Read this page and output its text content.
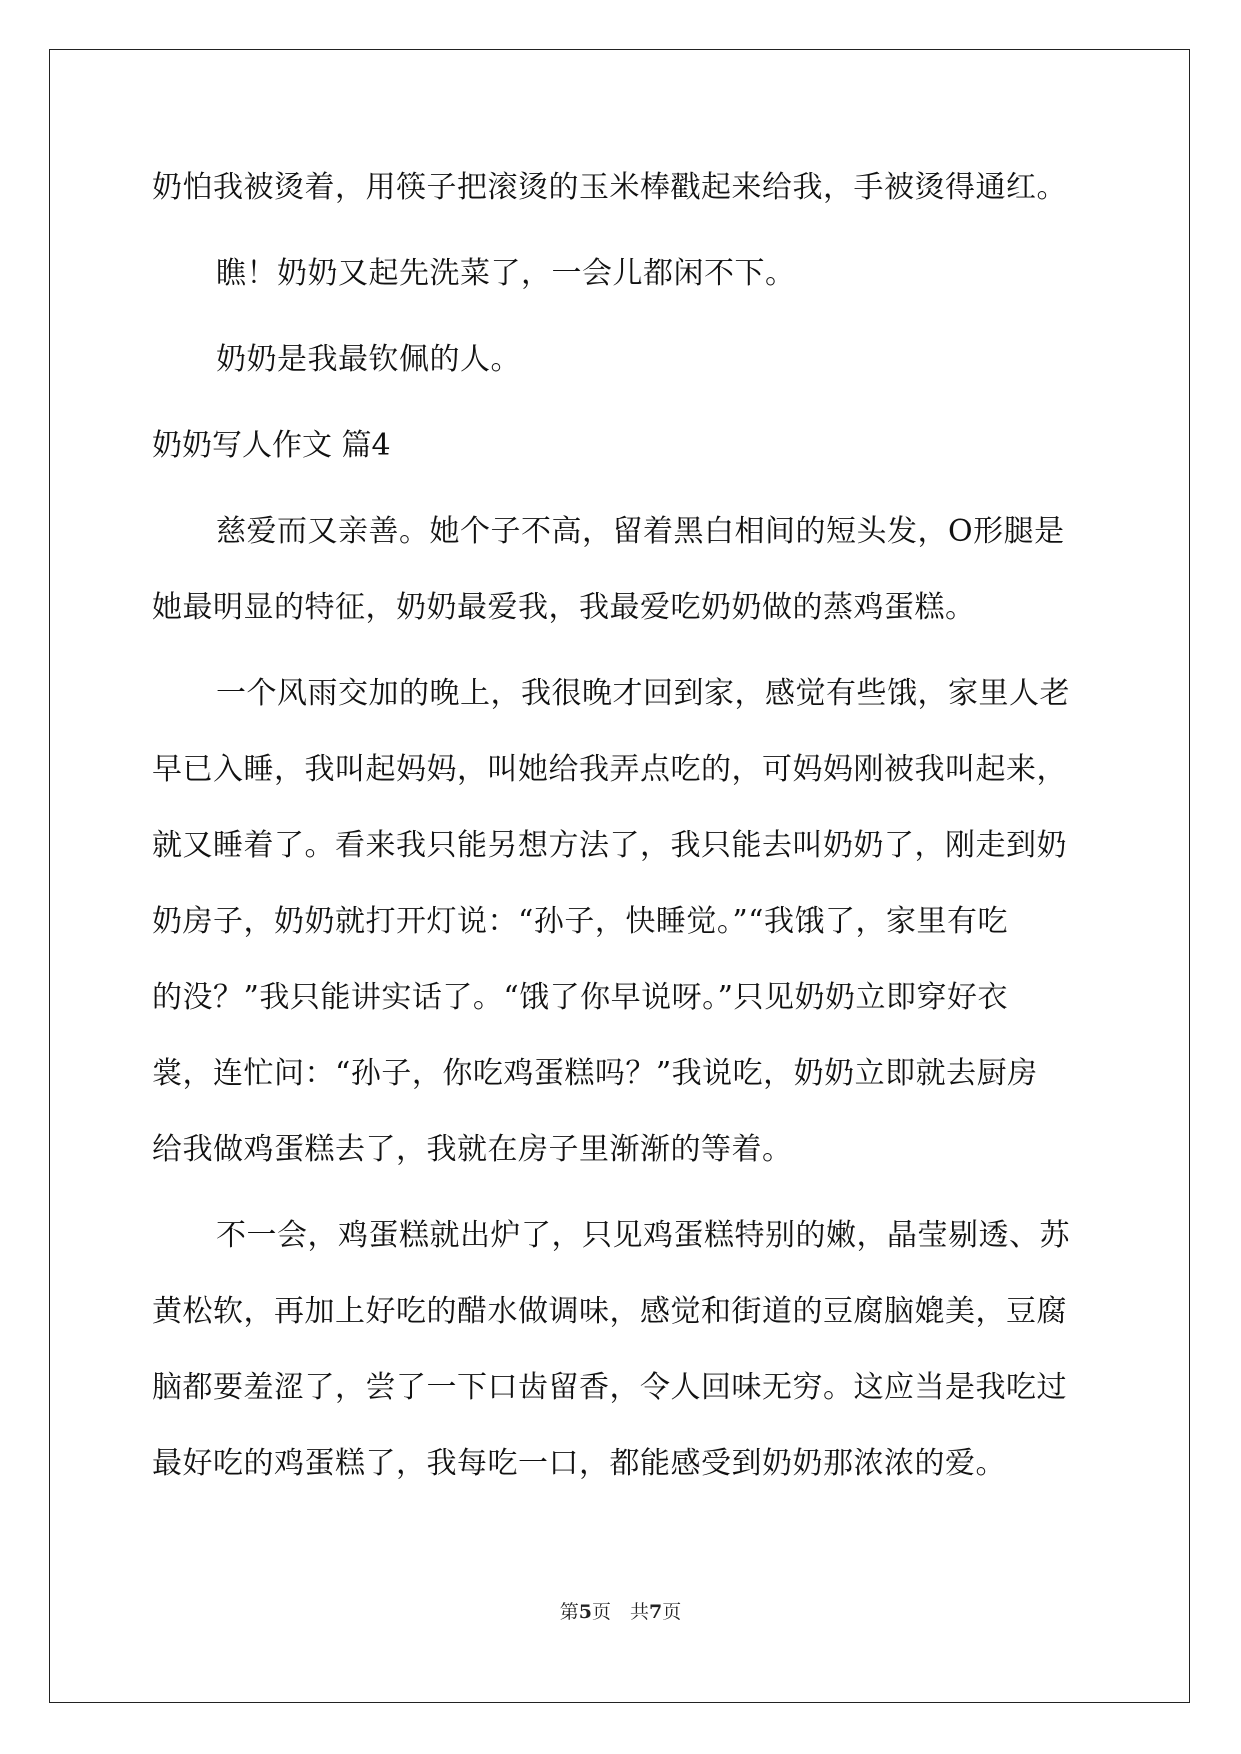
奶怕我被烫着，用筷子把滚烫的玉米棒戳起来给我，手被烫得通红。
瞧！奶奶又起先洗菜了，一会儿都闲不下。
奶奶是我最钦佩的人。
奶奶写人作文 篇4
慈爱而又亲善。她个子不高，留着黑白相间的短头发，O形腿是
她最明显的特征，奶奶最爱我，我最爱吃奶奶做的蒸鸡蛋糕。
一个风雨交加的晚上，我很晚才回到家，感觉有些饿，家里人老
早已入睡，我叫起妈妈，叫她给我弄点吃的，可妈妈刚被我叫起来，
就又睡着了。看来我只能另想方法了，我只能去叫奶奶了，刚走到奶
奶房子，奶奶就打开灯说：“孙子，快睡觉。”“我饿了，家里有吃
的没？”我只能讲实话了。“饿了你早说呀。”只见奶奶立即穿好衣
裳，连忙问：“孙子，你吃鸡蛋糕吗？”我说吃，奶奶立即就去厨房
给我做鸡蛋糕去了，我就在房子里渐渐的等着。
不一会，鸡蛋糕就出炉了，只见鸡蛋糕特别的嫩，晶莹剔透、苏
黄松软，再加上好吃的醋水做调味，感觉和街道的豆腐脑媲美，豆腐
脑都要羞涩了，尝了一下口齿留香，令人回味无穷。这应当是我吃过
最好吃的鸡蛋糕了，我每吃一口，都能感受到奶奶那浓浓的爱。
第5页　共7页
